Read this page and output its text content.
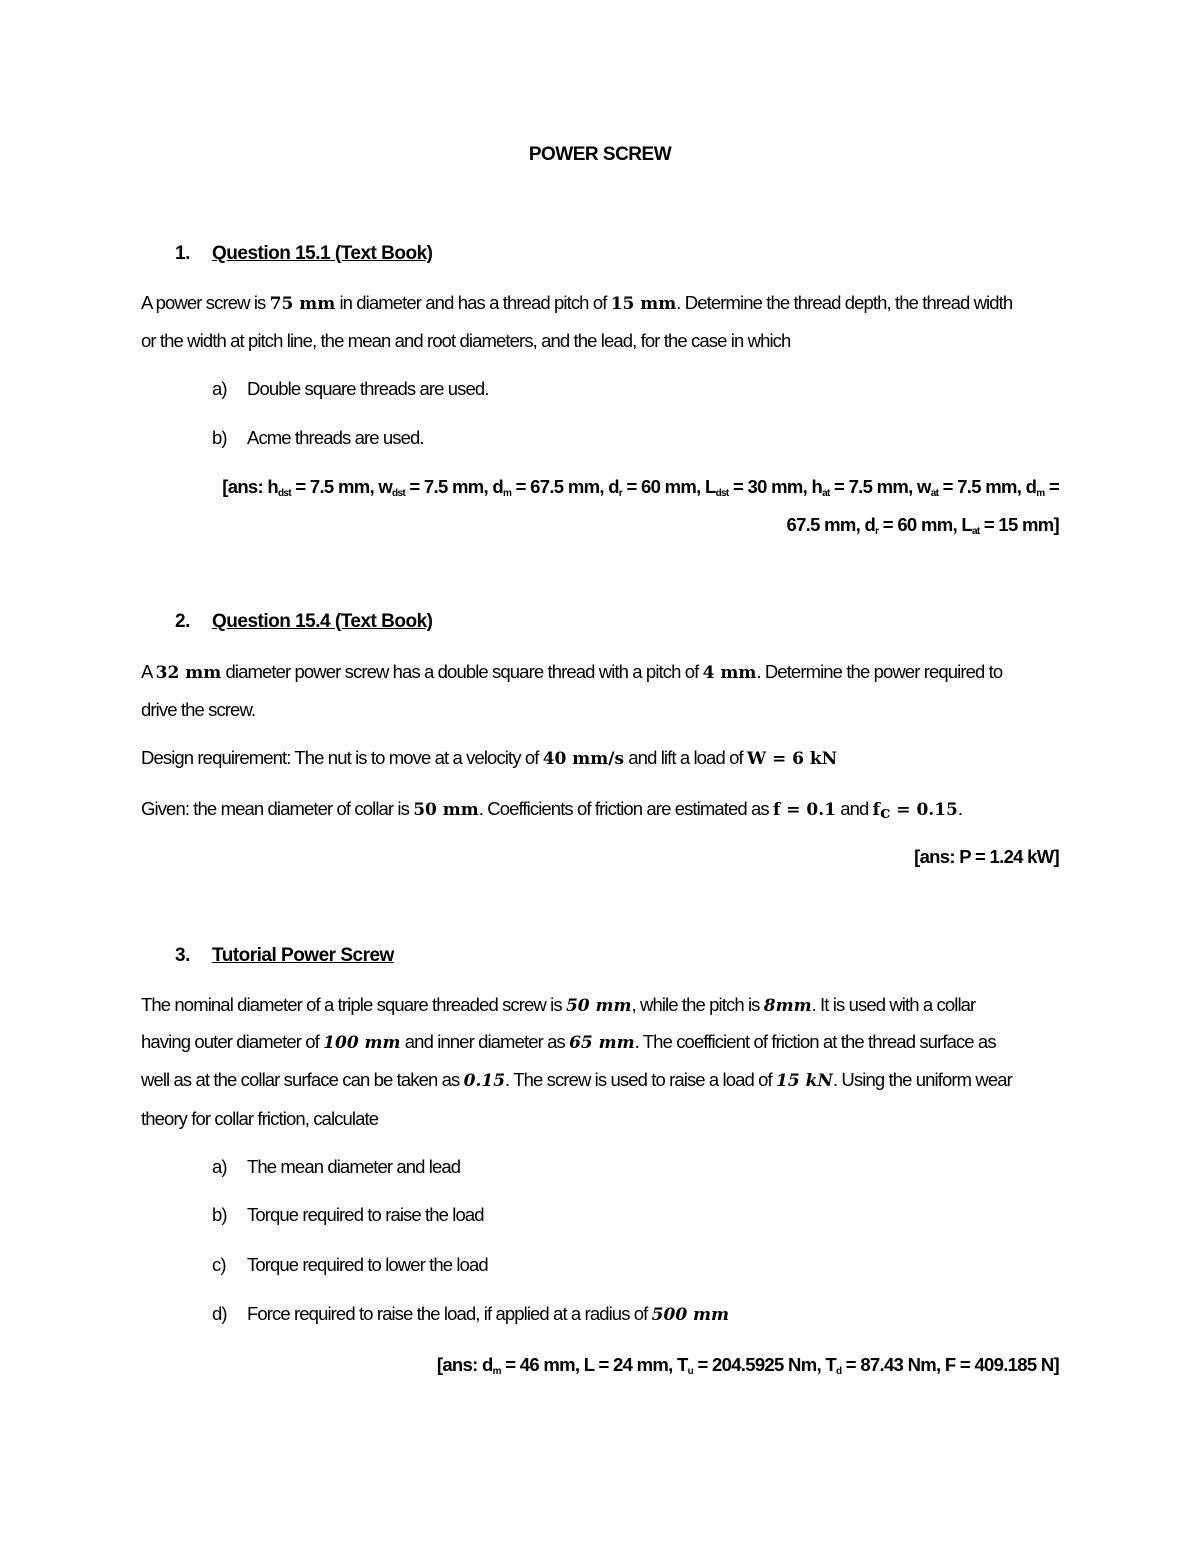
POWER SCREW
1. Question 15.1 (Text Book)
A power screw is 75 mm in diameter and has a thread pitch of 15 mm. Determine the thread depth, the thread width
or the width at pitch line, the mean and root diameters, and the lead, for the case in which
a) Double square threads are used.
b) Acme threads are used.
[ans: $h_{dst} = 7.5$ mm, $w_{dst} = 7.5$ mm, $d_m = 67.5$ mm, $d_r = 60$ mm, $L_{dst} = 30$ mm, $h_{at} = 7.5$ mm, $w_{at} = 7.5$ mm, $d_m$ =
67.5 mm, $d_r = 60$ mm, $L_{at} = 15$ mm]
2. Question 15.4 (Text Book)
A 32 mm diameter power screw has a double square thread with a pitch of 4 mm. Determine the power required to
drive the screw.
Design requirement: The nut is to move at a velocity of 40 mm/s and lift a load of W = 6 kN
Given: the mean diameter of collar is 50 mm. Coefficients of friction are estimated as f = 0.1 and $f_c = 0.15$.
[ans: P = 1.24 kW]
3. Tutorial Power Screw
The nominal diameter of a triple square threaded screw is 50 mm, while the pitch is 8mm. It is used with a collar
having outer diameter of 100 mm and inner diameter as 65 mm. The coefficient of friction at the thread surface as
well as at the collar surface can be taken as 0.15. The screw is used to raise a load of 15 kN. Using the uniform wear
theory for collar friction, calculate
a) The mean diameter and lead
b) Torque required to raise the load
c) Torque required to lower the load
d) Force required to raise the load, if applied at a radius of 500 mm
[ans: $d_m = 46$ mm, L = 24 mm, $T_u = 204.5925$ Nm, $T_d = 87.43$ Nm, F = 409.185 N]
